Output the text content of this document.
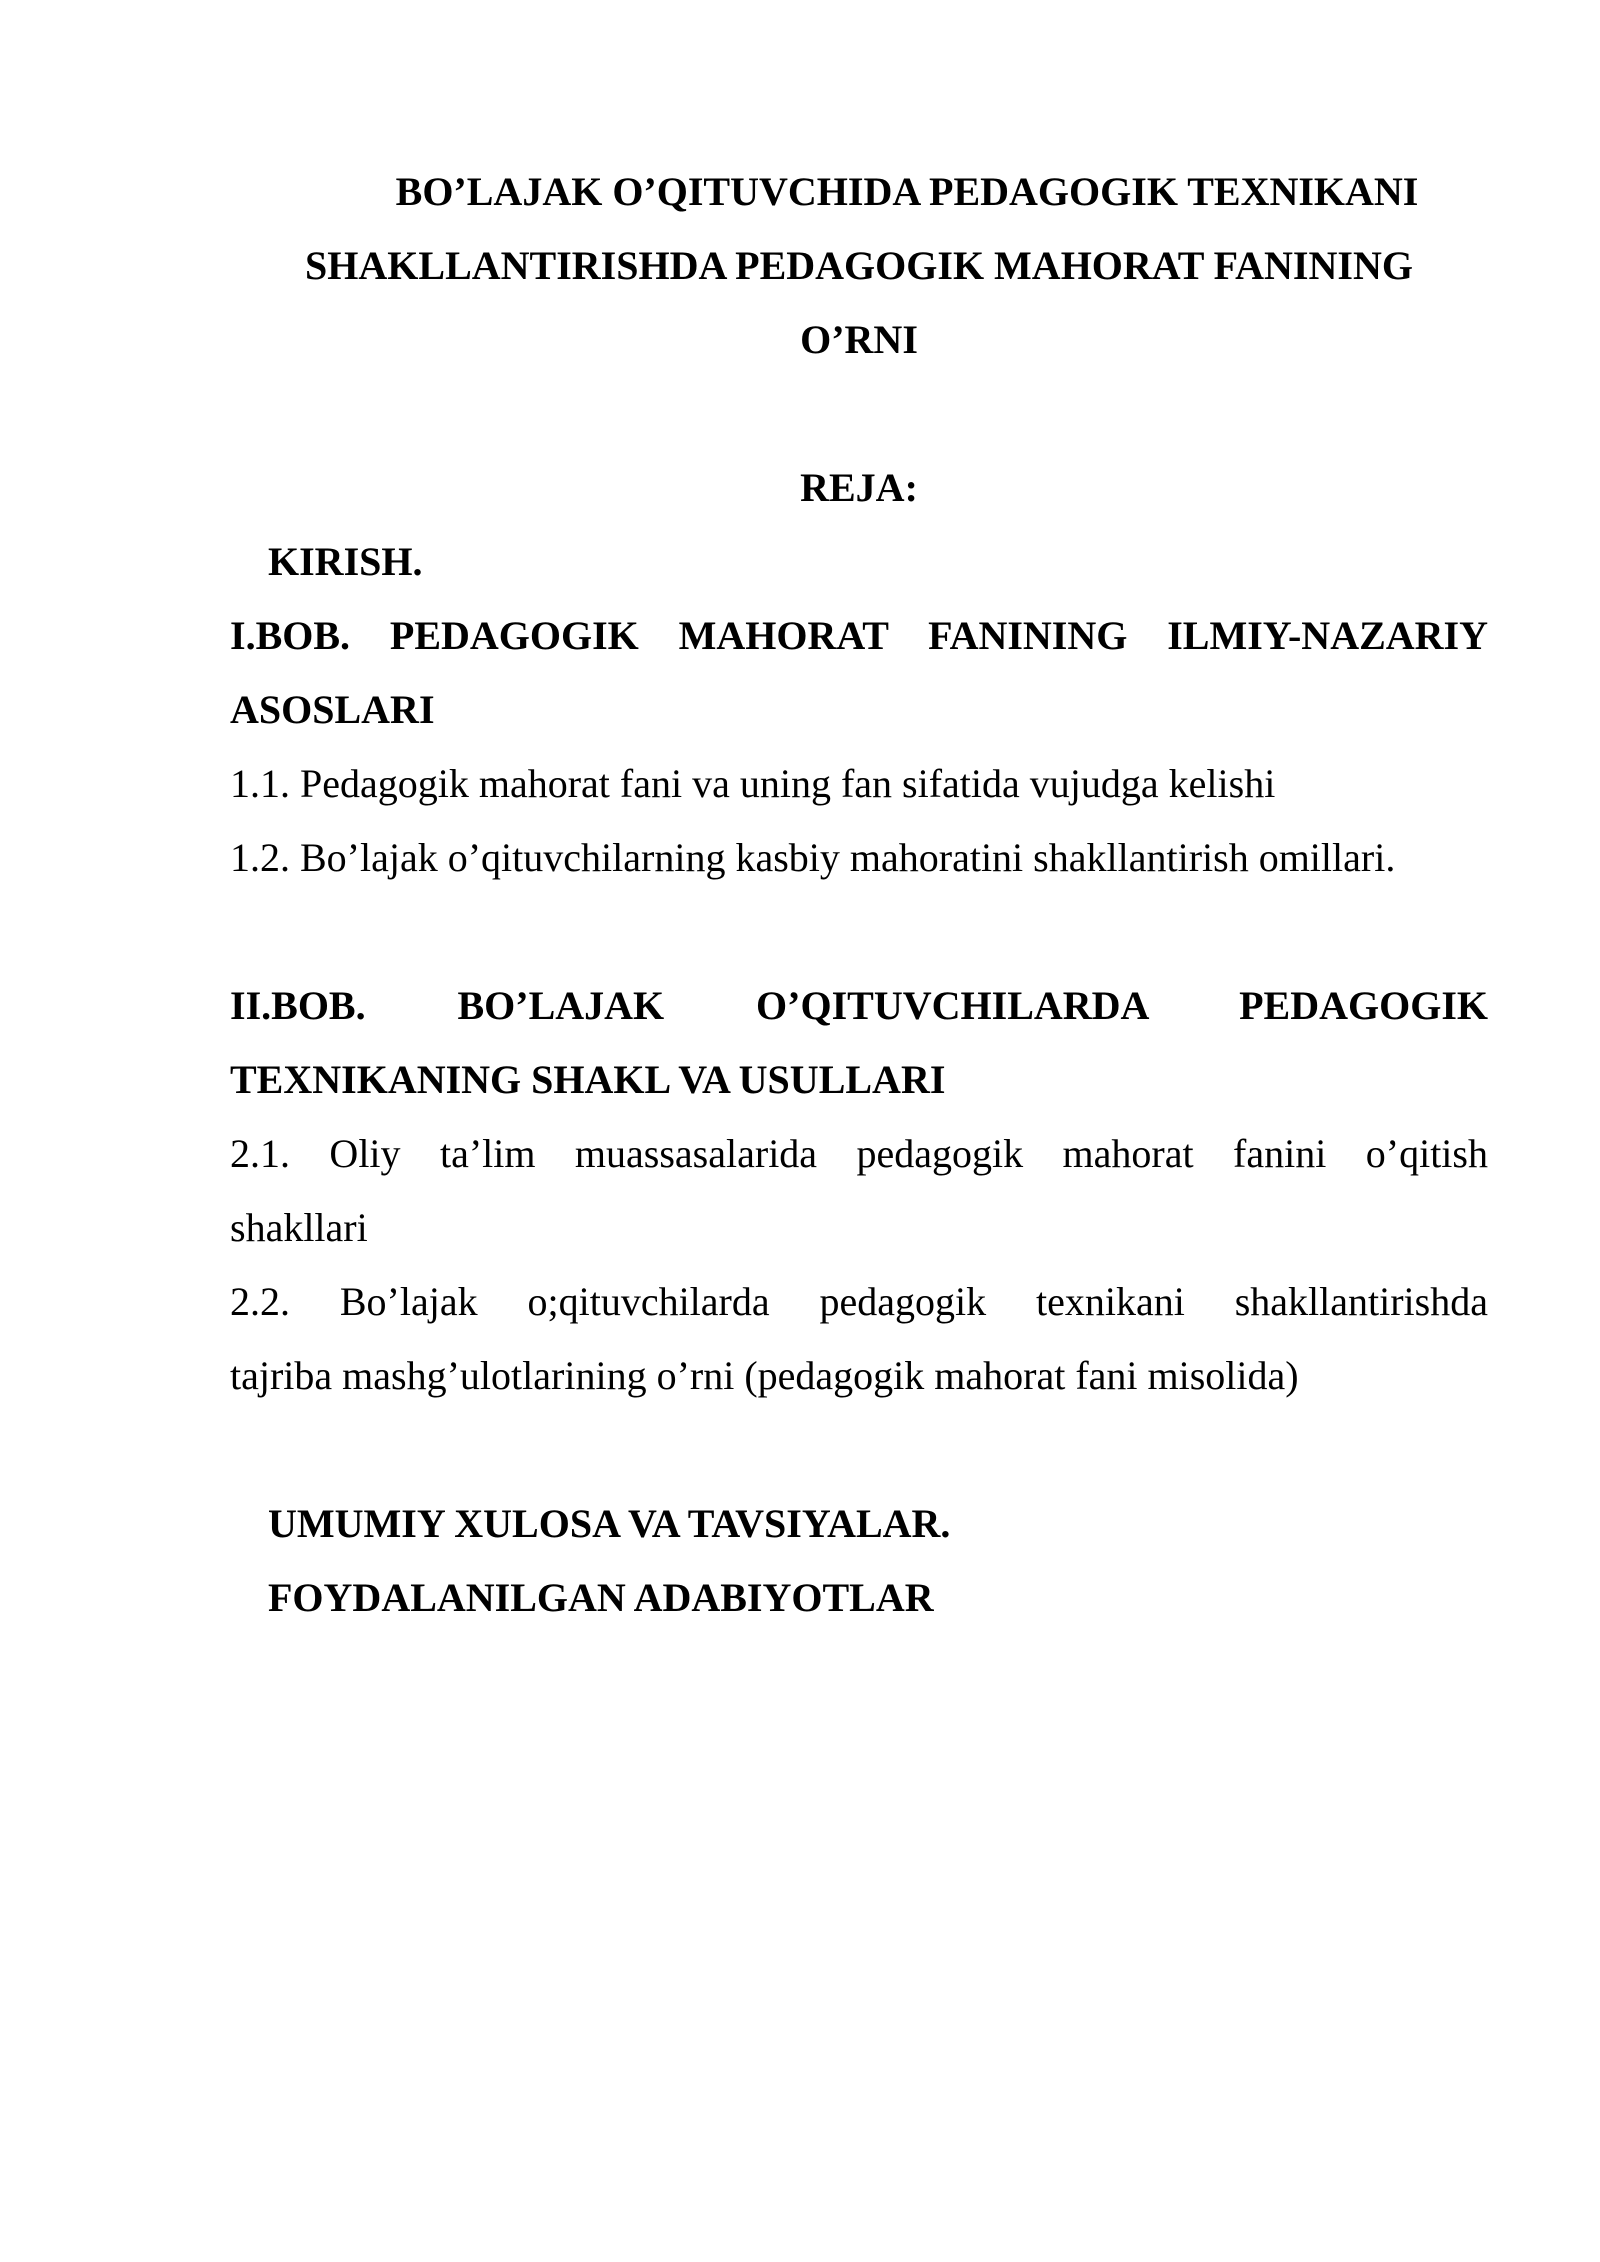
BO’LAJAK O’QITUVCHIDA PEDAGOGIK TEXNIKANI
SHAKLLANTIRISHDA PEDAGOGIK MAHORAT FANINING
O’RNI
REJA:
KIRISH.
I.BOB. PEDAGOGIK MAHORAT FANINING ILMIY-NAZARIY
ASOSLARI
1.1. Pedagogik mahorat fani va uning fan sifatida vujudga kelishi
1.2. Bo’lajak o’qituvchilarning kasbiy mahoratini shakllantirish omillari.
II.BOB. BO’LAJAK O’QITUVCHILARDA PEDAGOGIK
TEXNIKANING SHAKL VA USULLARI
2.1. Oliy ta’lim muassasalarida pedagogik mahorat fanini o’qitish
shakllari
2.2. Bo’lajak o;qituvchilarda pedagogik texnikani shakllantirishda
tajriba mashg’ulotlarining o’rni (pedagogik mahorat fani misolida)
UMUMIY XULOSA VA TAVSIYALAR.
FOYDALANILGAN ADABIYOTLAR
